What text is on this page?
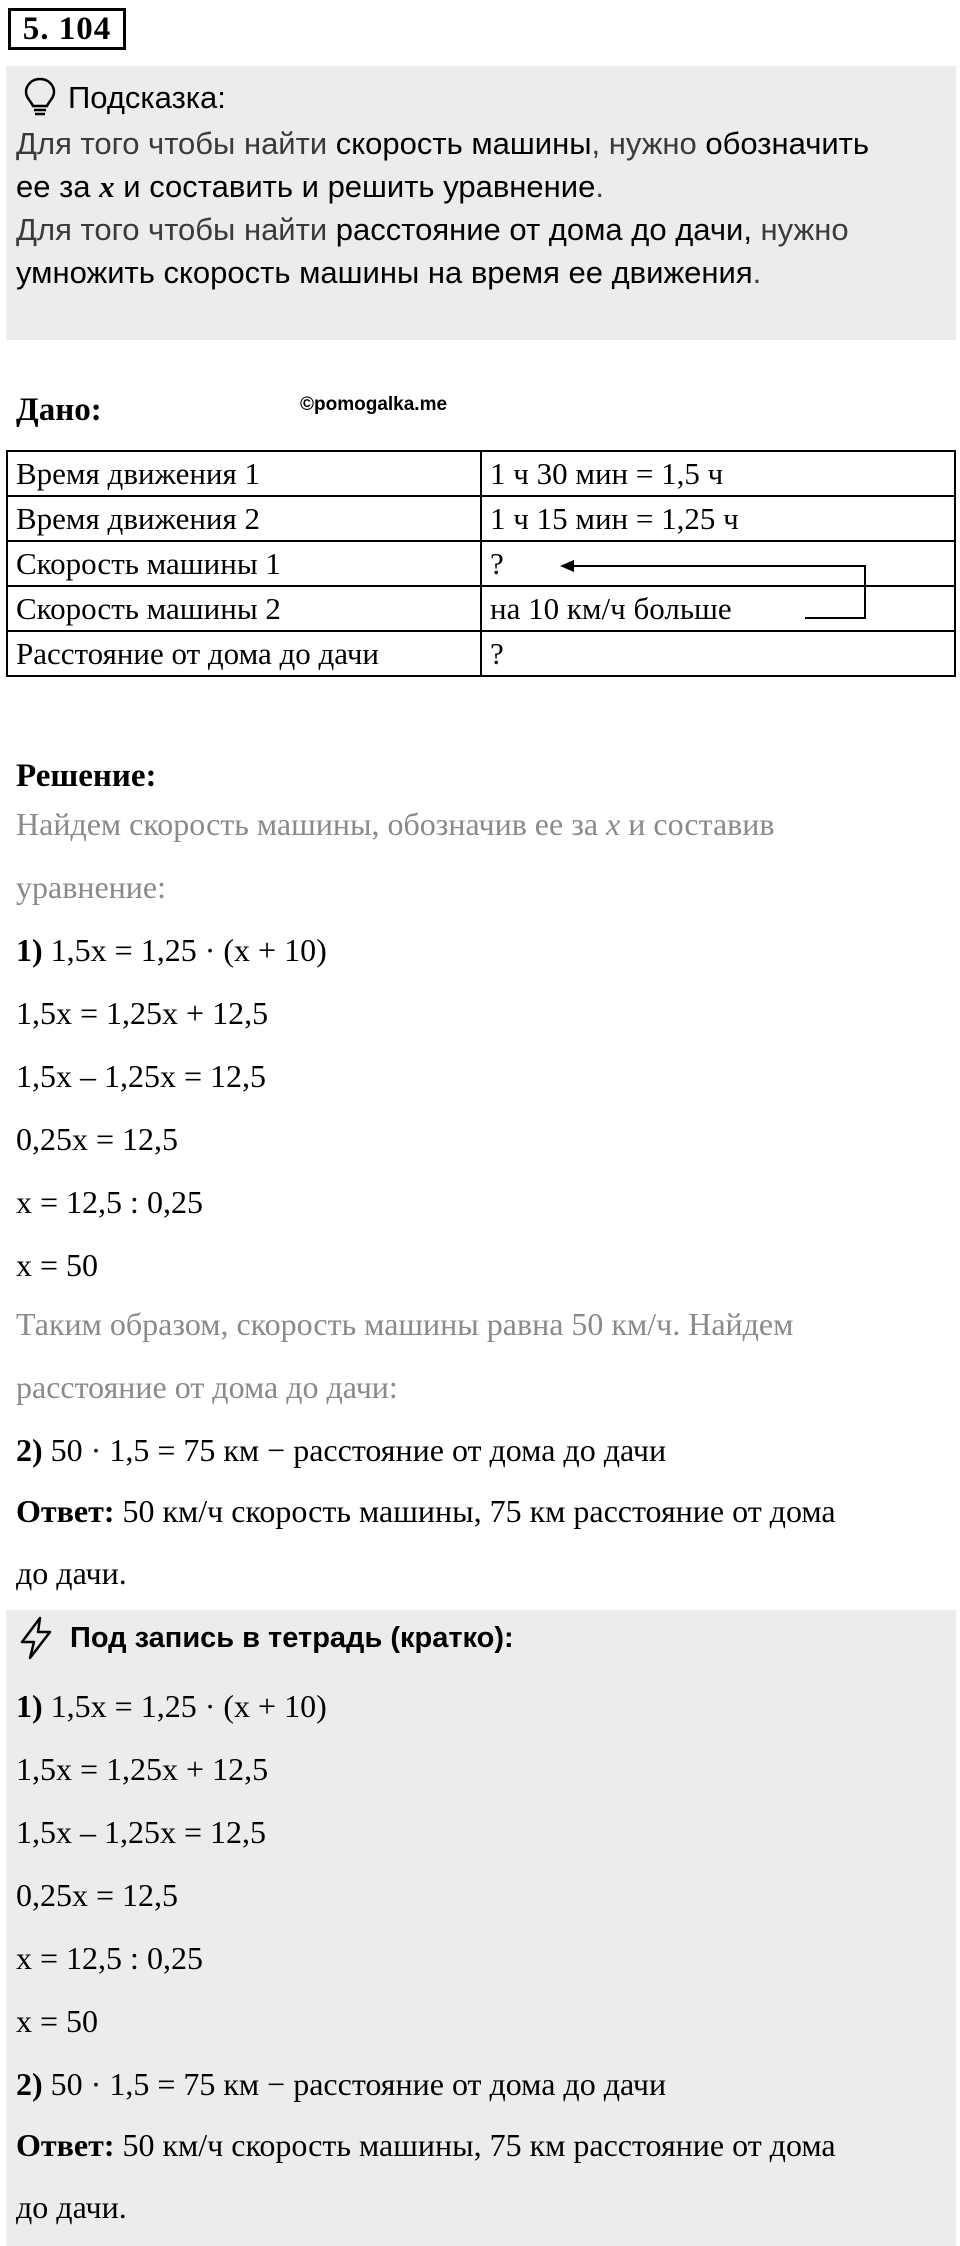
5. 104
Подсказка:
Для того чтобы найти скорость машины, нужно обозначить
ее за x и составить и решить уравнение.
Для того чтобы найти расстояние от дома до дачи, нужно
умножить скорость машины на время ее движения.
Дано:	©pomogalka.me
Время движения 1	1 ч 30 мин = 1,5 ч
Время движения 2	1 ч 15 мин = 1,25 ч
Скорость машины 1	?
Скорость машины 2	на 10 км/ч больше
Расстояние от дома до дачи	?
Решение:
Найдем скорость машины, обозначив ее за x и составив
уравнение:
1) 1,5x = 1,25 · (x + 10)
1,5x = 1,25x + 12,5
1,5x – 1,25x = 12,5
0,25x = 12,5
x = 12,5 : 0,25
x = 50
Таким образом, скорость машины равна 50 км/ч. Найдем
расстояние от дома до дачи:
2) 50 · 1,5 = 75 км − расстояние от дома до дачи
Ответ: 50 км/ч скорость машины, 75 км расстояние от дома
до дачи.
Под запись в тетрадь (кратко):
1) 1,5x = 1,25 · (x + 10)
1,5x = 1,25x + 12,5
1,5x – 1,25x = 12,5
0,25x = 12,5
x = 12,5 : 0,25
x = 50
2) 50 · 1,5 = 75 км − расстояние от дома до дачи
Ответ: 50 км/ч скорость машины, 75 км расстояние от дома
до дачи.
